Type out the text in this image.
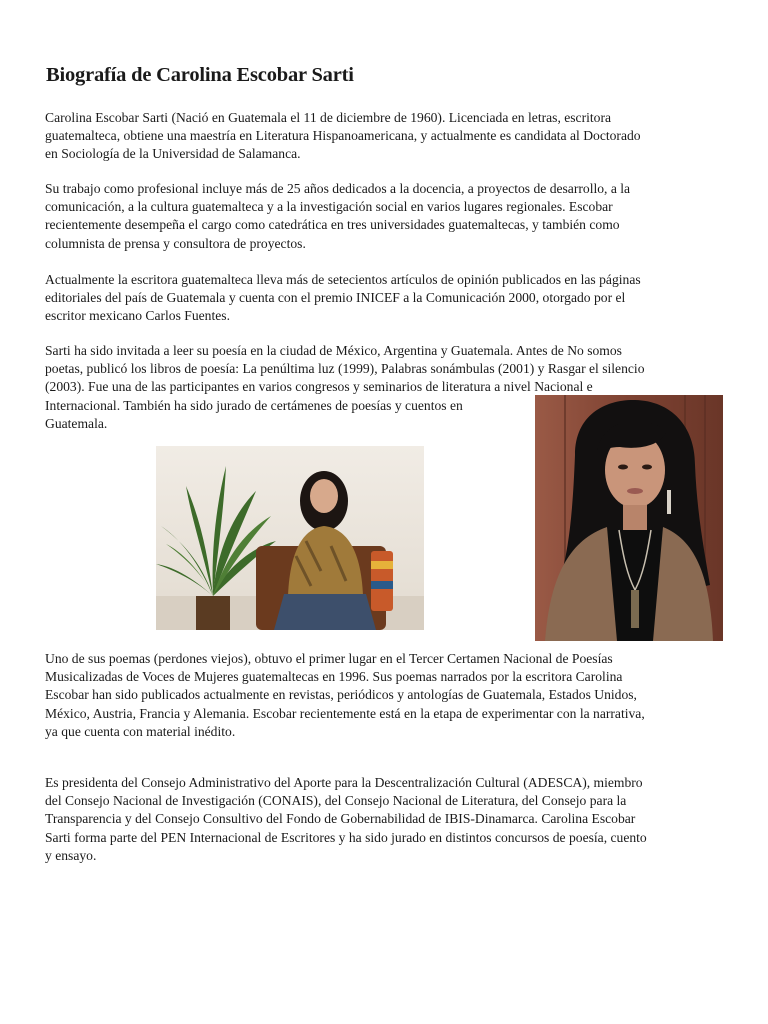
Biografía de Carolina Escobar Sarti

Carolina Escobar Sarti (Nació en Guatemala el 11 de diciembre de 1960). Licenciada en letras, escritora
guatemalteca, obtiene una maestría en Literatura Hispanoamericana, y actualmente es candidata al Doctorado
en Sociología de la Universidad de Salamanca.

Su trabajo como profesional incluye más de 25 años dedicados a la docencia, a proyectos de desarrollo, a la
comunicación, a la cultura guatemalteca y a la investigación social en varios lugares regionales. Escobar
recientemente desempeña el cargo como catedrática en tres universidades guatemaltecas, y también como
columnista de prensa y consultora de proyectos.

Actualmente la escritora guatemalteca lleva más de setecientos artículos de opinión publicados en las páginas
editoriales del país de Guatemala y cuenta con el premio INICEF a la Comunicación 2000, otorgado por el
escritor mexicano Carlos Fuentes.

Sarti ha sido invitada a leer su poesía en la ciudad de México, Argentina y Guatemala. Antes de No somos
poetas, publicó los libros de poesía: La penúltima luz (1999), Palabras sonámbulas (2001) y Rasgar el silencio
(2003). Fue una de las participantes en varios congresos y seminarios de literatura a nivel Nacional e
Internacional. También ha sido jurado de certámenes de poesías y cuentos en
Guatemala.

Uno de sus poemas (perdones viejos), obtuvo el primer lugar en el Tercer Certamen Nacional de Poesías
Musicalizadas de Voces de Mujeres guatemaltecas en 1996. Sus poemas narrados por la escritora Carolina
Escobar han sido publicados actualmente en revistas, periódicos y antologías de Guatemala, Estados Unidos,
México, Austria, Francia y Alemania. Escobar recientemente está en la etapa de experimentar con la narrativa,
ya que cuenta con material inédito.

Es presidenta del Consejo Administrativo del Aporte para la Descentralización Cultural (ADESCA), miembro
del Consejo Nacional de Investigación (CONAIS), del Consejo Nacional de Literatura, del Consejo para la
Transparencia y del Consejo Consultivo del Fondo de Gobernabilidad de IBIS-Dinamarca. Carolina Escobar
Sarti forma parte del PEN Internacional de Escritores y ha sido jurado en distintos concursos de poesía, cuento
y ensayo.
